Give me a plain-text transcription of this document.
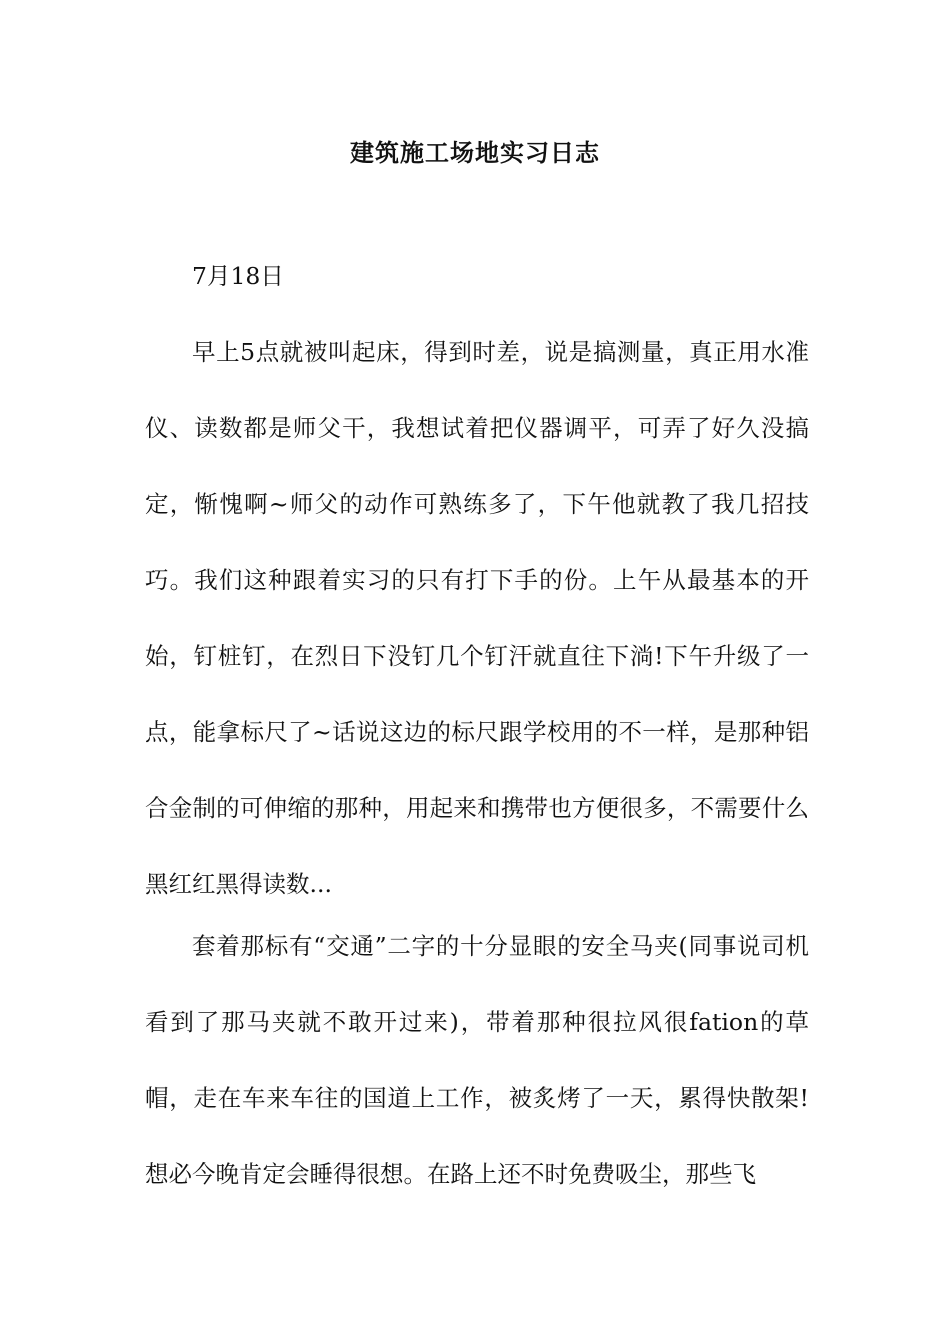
建筑施工场地实习日志

7月18日

早上5点就被叫起床，得到时差，说是搞测量，真正用水准仪、读数都是师父干，我想试着把仪器调平，可弄了好久没搞定，惭愧啊~师父的动作可熟练多了，下午他就教了我几招技巧。我们这种跟着实习的只有打下手的份。上午从最基本的开始，钉桩钉，在烈日下没钉几个钉汗就直往下淌!下午升级了一点，能拿标尺了~话说这边的标尺跟学校用的不一样，是那种铝合金制的可伸缩的那种，用起来和携带也方便很多，不需要什么黑红红黑得读数...

套着那标有“交通”二字的十分显眼的安全马夹(同事说司机看到了那马夹就不敢开过来)，带着那种很拉风很fation的草帽，走在车来车往的国道上工作，被炙烤了一天，累得快散架!想必今晚肯定会睡得很想。在路上还不时免费吸尘，那些飞
